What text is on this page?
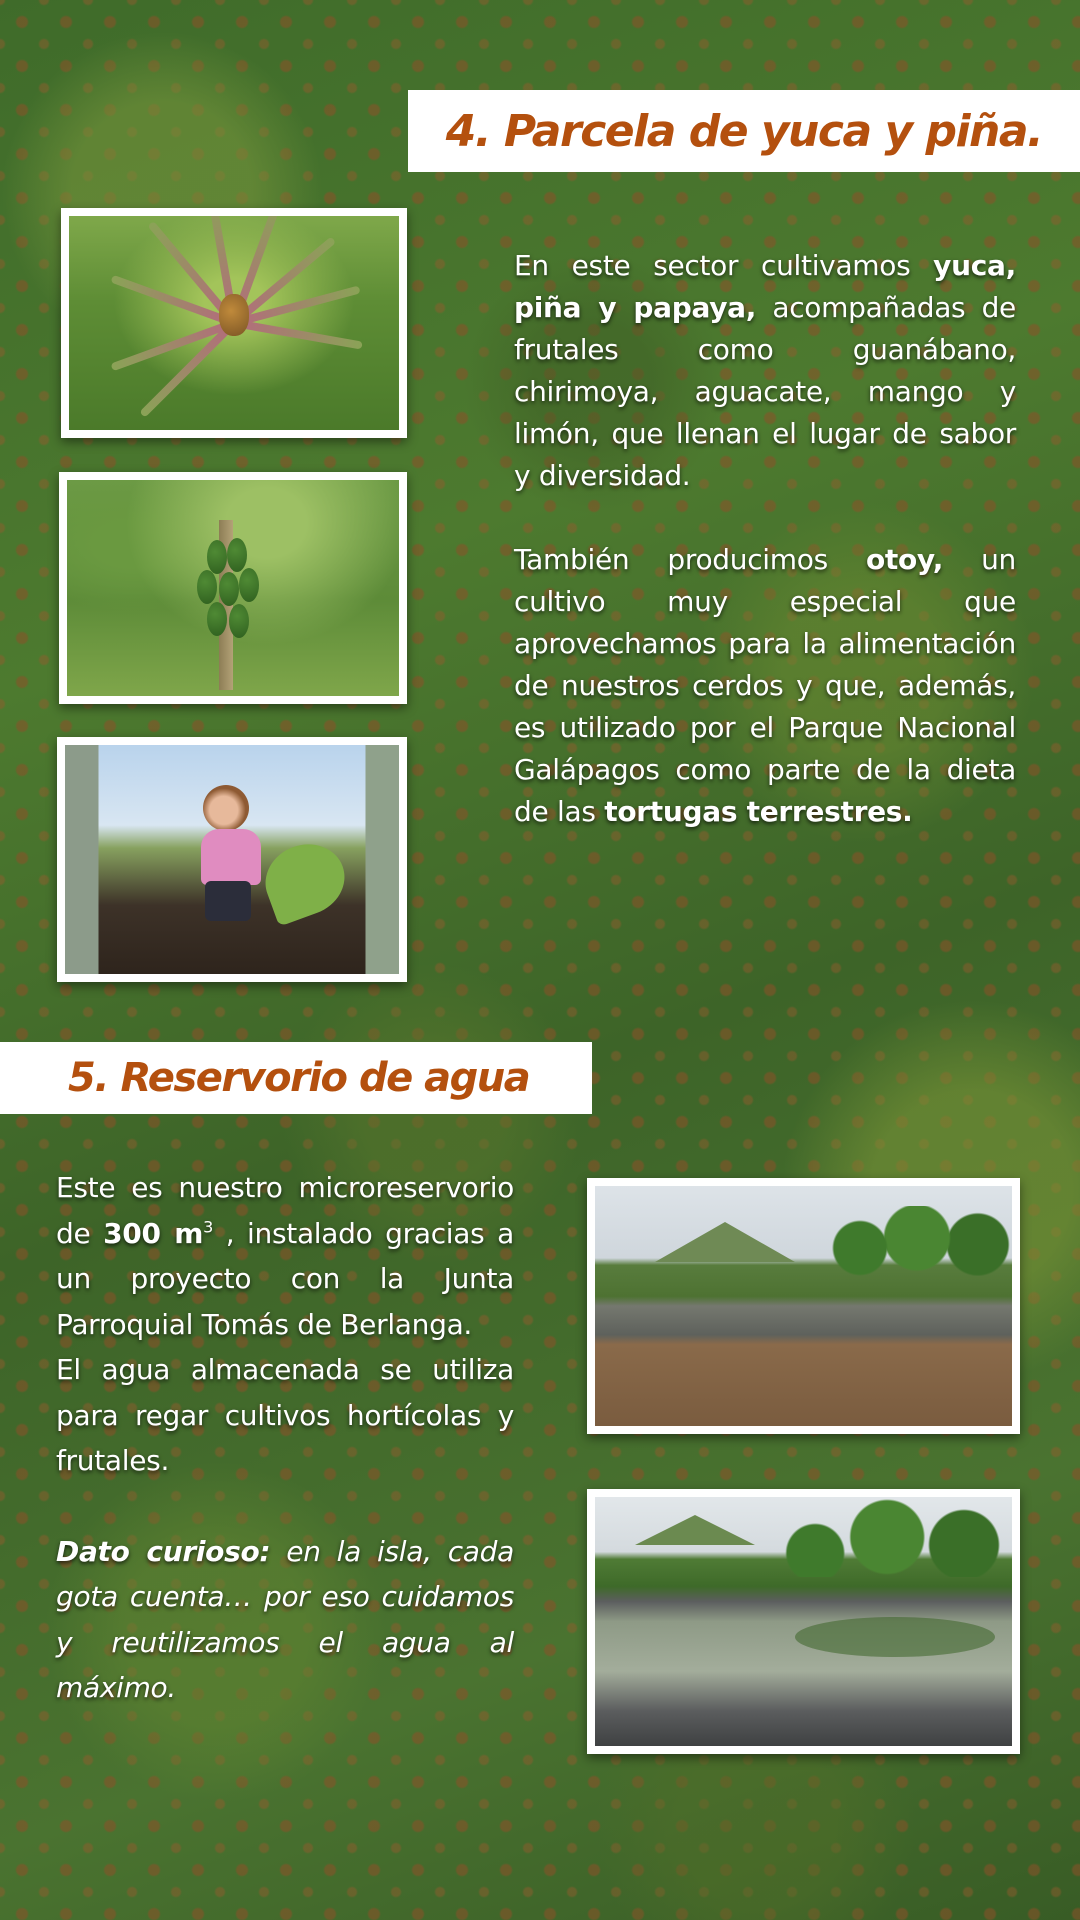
4. Parcela de yuca y piña.

En este sector cultivamos yuca, piña y papaya, acompañadas de frutales como guanábano, chirimoya, aguacate, mango y limón, que llenan el lugar de sabor y diversidad.

También producimos otoy, un cultivo muy especial que aprovechamos para la alimentación de nuestros cerdos y que, además, es utilizado por el Parque Nacional Galápagos como parte de la dieta de las tortugas terrestres.

5. Reservorio de agua

Este es nuestro microreservorio de 300 $m^3$ , instalado gracias a un proyecto con la Junta Parroquial Tomás de Berlanga.
El agua almacenada se utiliza para regar cultivos hortícolas y frutales.

Dato curioso: en la isla, cada gota cuenta… por eso cuidamos y reutilizamos el agua al máximo.
